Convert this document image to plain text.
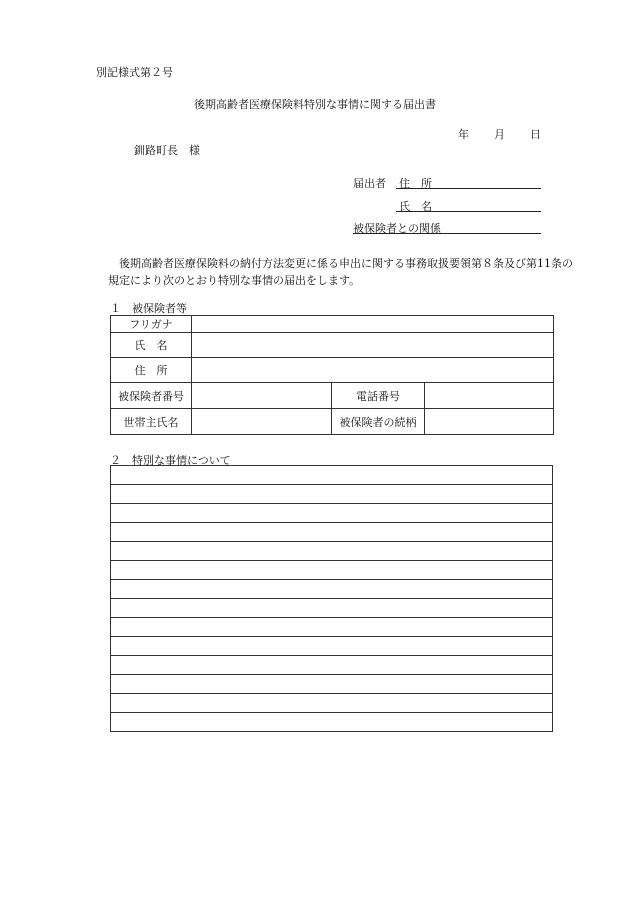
別記様式第２号
後期高齢者医療保険料特別な事情に関する届出書
年 月 日
釧路町長　様
届出者 住　所
氏　名
被保険者との関係
後期高齢者医療保険料の納付方法変更に係る申出に関する事務取扱要領第８条及び第11条の規定により次のとおり特別な事情の届出をします。
１　被保険者等
フリガナ			
氏　名			
住　所			
被保険者番号		電話番号	
世帯主氏名		被保険者の続柄	
２　特別な事情について
